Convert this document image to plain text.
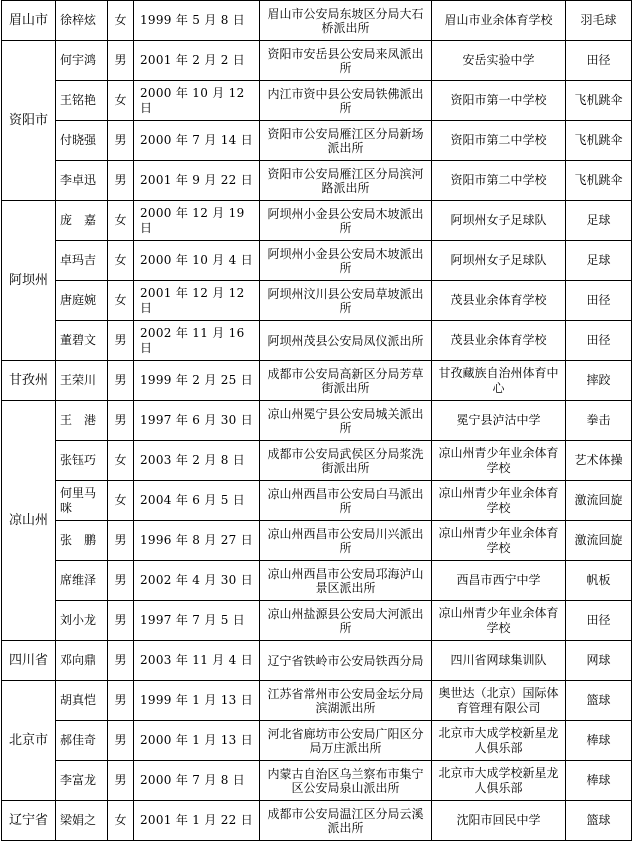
眉山市	徐梓炫	女	1999 年 5 月 8 日	眉山市公安局东坡区分局大石桥派出所	眉山市业余体育学校	羽毛球
资阳市	何宇鸿	男	2001 年 2 月 2 日	资阳市安岳县公安局来凤派出所	安岳实验中学	田径
	王铭艳	女	2000 年 10 月 12 日	内江市资中县公安局铁佛派出所	资阳市第一中学校	飞机跳伞
	付晓强	男	2000 年 7 月 14 日	资阳市公安局雁江区分局新场派出所	资阳市第二中学校	飞机跳伞
	李卓迅	男	2001 年 9 月 22 日	资阳市公安局雁江区分局滨河路派出所	资阳市第二中学校	飞机跳伞
阿坝州	庞　嘉	女	2000 年 12 月 19 日	阿坝州小金县公安局木坡派出所	阿坝州女子足球队	足球
	卓玛吉	女	2000 年 10 月 4 日	阿坝州小金县公安局木坡派出所	阿坝州女子足球队	足球
	唐庭婉	女	2001 年 12 月 12 日	阿坝州汶川县公安局草坡派出所	茂县业余体育学校	田径
	董碧文	男	2002 年 11 月 16 日	阿坝州茂县公安局凤仪派出所	茂县业余体育学校	田径
甘孜州	王荣川	男	1999 年 2 月 25 日	成都市公安局高新区分局芳草街派出所	甘孜藏族自治州体育中心	摔跤
凉山州	王　港	男	1997 年 6 月 30 日	凉山州冕宁县公安局城关派出所	冕宁县泸沽中学	拳击
	张钰巧	女	2003 年 2 月 8 日	成都市公安局武侯区分局浆洗街派出所	凉山州青少年业余体育学校	艺术体操
	何里马咪	女	2004 年 6 月 5 日	凉山州西昌市公安局白马派出所	凉山州青少年业余体育学校	激流回旋
	张　鹏	男	1996 年 8 月 27 日	凉山州西昌市公安局川兴派出所	凉山州青少年业余体育学校	激流回旋
	席维泽	男	2002 年 4 月 30 日	凉山州西昌市公安局邛海泸山景区派出所	西昌市西宁中学	帆板
	刘小龙	男	1997 年 7 月 5 日	凉山州盐源县公安局大河派出所	凉山州青少年业余体育学校	田径
四川省	邓向鼎	男	2003 年 11 月 4 日	辽宁省铁岭市公安局铁西分局	四川省网球集训队	网球
北京市	胡真恺	男	1999 年 1 月 13 日	江苏省常州市公安局金坛分局滨湖派出所	奥世达（北京）国际体育管理有限公司	篮球
	郝佳奇	男	2000 年 1 月 13 日	河北省廊坊市公安局广阳区分局万庄派出所	北京市大成学校新星龙人俱乐部	棒球
	李富龙	男	2000 年 7 月 8 日	内蒙古自治区乌兰察布市集宁区公安局泉山派出所	北京市大成学校新星龙人俱乐部	棒球
辽宁省	梁娟之	女	2001 年 1 月 22 日	成都市公安局温江区分局云溪派出所	沈阳市回民中学	篮球
